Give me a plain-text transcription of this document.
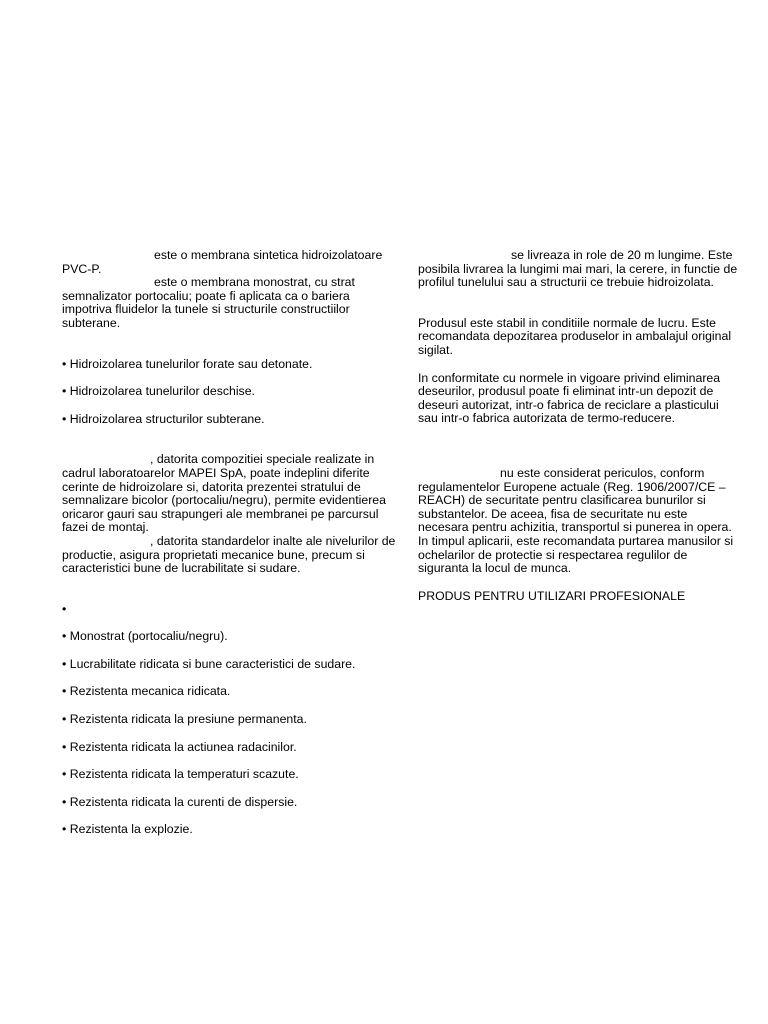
este o membrana sintetica hidroizolatoare PVC-P.

este o membrana monostrat, cu strat semnalizator portocaliu; poate fi aplicata ca o bariera impotriva fluidelor la tunele si structurile constructiilor subterane.

• Hidroizolarea tunelurilor forate sau detonate.

• Hidroizolarea tunelurilor deschise.

• Hidroizolarea structurilor subterane.

, datorita compozitiei speciale realizate in cadrul laboratoarelor MAPEI SpA, poate indeplini diferite cerinte de hidroizolare si, datorita prezentei stratului de semnalizare bicolor (portocaliu/negru), permite evidentierea oricaror gauri sau strapungeri ale membranei pe parcursul fazei de montaj.

, datorita standardelor inalte ale nivelurilor de productie, asigura proprietati mecanice bune, precum si caracteristici bune de lucrabilitate si sudare.

•

• Monostrat (portocaliu/negru).

• Lucrabilitate ridicata si bune caracteristici de sudare.

• Rezistenta mecanica ridicata.

• Rezistenta ridicata la presiune permanenta.

• Rezistenta ridicata la actiunea radacinilor.

• Rezistenta ridicata la temperaturi scazute.

• Rezistenta ridicata la curenti de dispersie.

• Rezistenta la explozie.

se livreaza in role de 20 m lungime. Este posibila livrarea la lungimi mai mari, la cerere, in functie de profilul tunelului sau a structurii ce trebuie hidroizolata.

Produsul este stabil in conditiile normale de lucru. Este recomandata depozitarea produselor in ambalajul original sigilat.

In conformitate cu normele in vigoare privind eliminarea deseurilor, produsul poate fi eliminat intr-un depozit de deseuri autorizat, intr-o fabrica de reciclare a plasticului sau intr-o fabrica autorizata de termo-reducere.

nu este considerat periculos, conform regulamentelor Europene actuale (Reg. 1906/2007/CE – REACH) de securitate pentru clasificarea bunurilor si substantelor. De aceea, fisa de securitate nu este necesara pentru achizitia, transportul si punerea in opera. In timpul aplicarii, este recomandata purtarea manusilor si ochelarilor de protectie si respectarea regulilor de siguranta la locul de munca.

PRODUS PENTRU UTILIZARI PROFESIONALE
